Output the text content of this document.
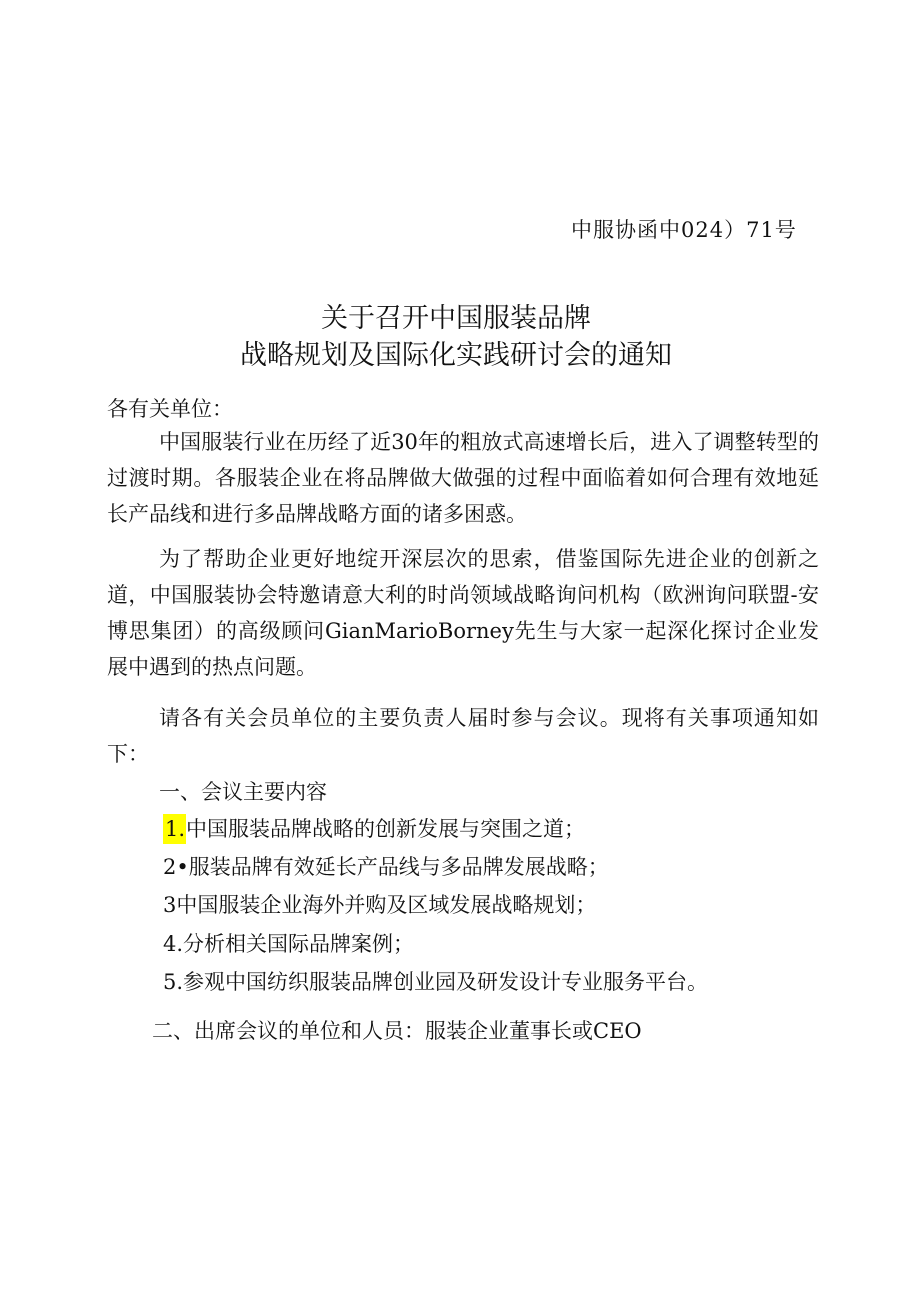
中服协函中024）71号
关于召开中国服装品牌
战略规划及国际化实践研讨会的通知
各有关单位：
中国服装行业在历经了近30年的粗放式高速增长后，进入了调整转型的过渡时期。各服装企业在将品牌做大做强的过程中面临着如何合理有效地延长产品线和进行多品牌战略方面的诸多困惑。
为了帮助企业更好地绽开深层次的思索，借鉴国际先进企业的创新之道，中国服装协会特邀请意大利的时尚领域战略询问机构（欧洲询问联盟-安博思集团）的高级顾问GianMarioBorney先生与大家一起深化探讨企业发展中遇到的热点问题。
请各有关会员单位的主要负责人届时参与会议。现将有关事项通知如下：
一、会议主要内容
1.中国服装品牌战略的创新发展与突围之道；
2•服装品牌有效延长产品线与多品牌发展战略；
3中国服装企业海外并购及区域发展战略规划；
4.分析相关国际品牌案例；
5.参观中国纺织服装品牌创业园及研发设计专业服务平台。
二、出席会议的单位和人员：服装企业董事长或CEO
